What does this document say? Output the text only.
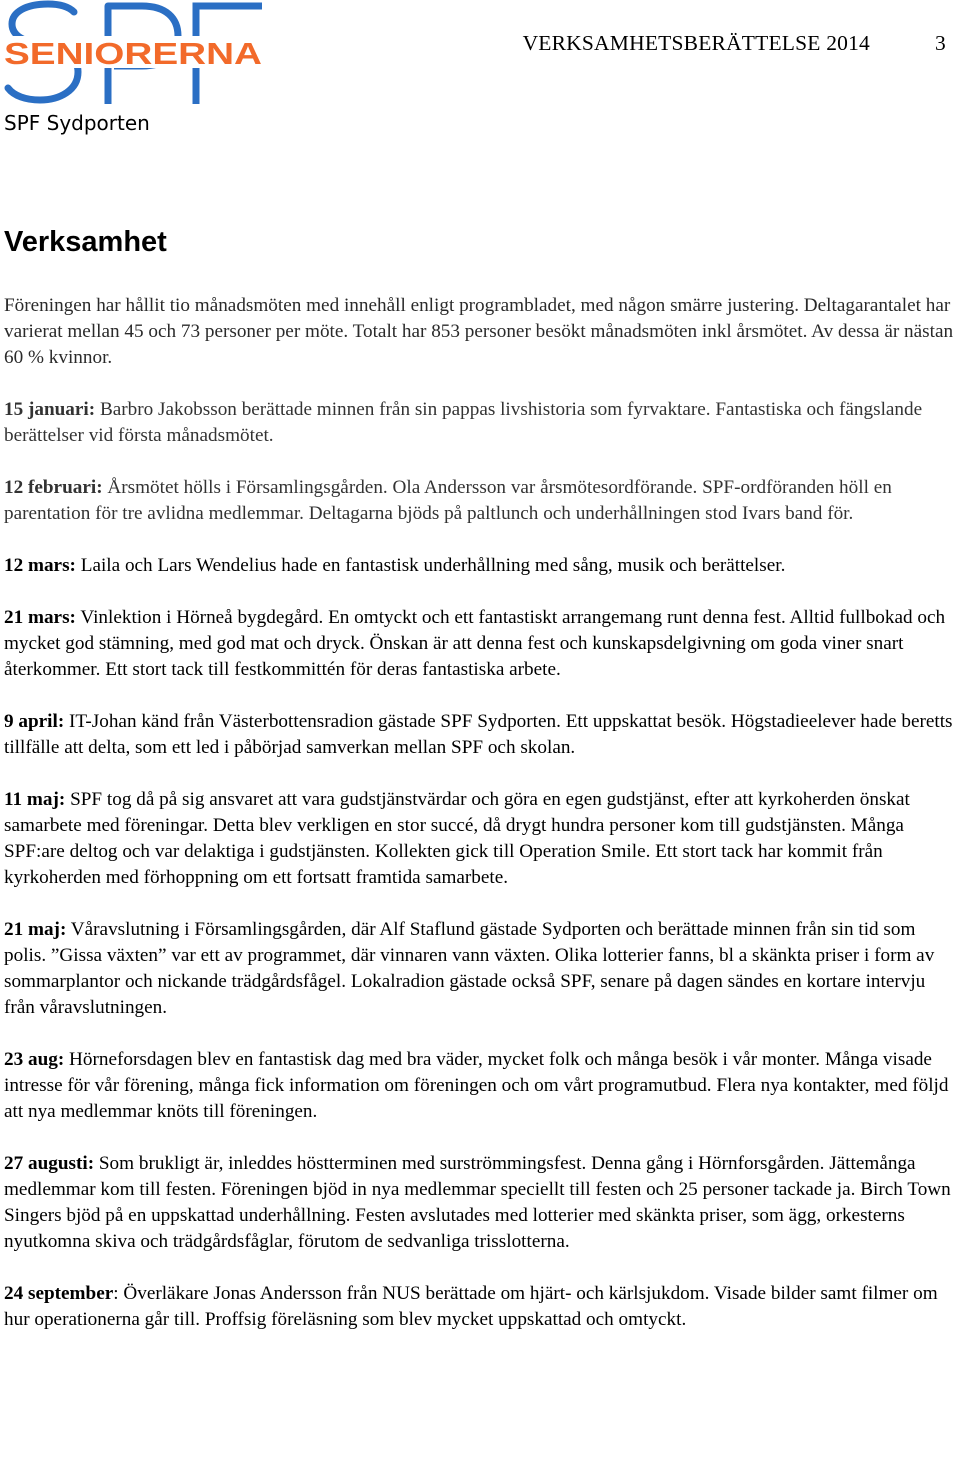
SENIORERNA
SPF Sydporten
VERKSAMHETSBERÄTTELSE 2014	3
Verksamhet

Föreningen har hållit tio månadsmöten med innehåll enligt programbladet, med någon smärre justering. Deltagarantalet har varierat mellan 45 och 73 personer per möte. Totalt har 853 personer besökt månadsmöten inkl årsmötet. Av dessa är nästan 60 % kvinnor.

15 januari: Barbro Jakobsson berättade minnen från sin pappas livshistoria som fyrvaktare. Fantastiska och fängslande berättelser vid första månadsmötet.

12 februari: Årsmötet hölls i Församlingsgården. Ola Andersson var årsmötesordförande. SPF-ordföranden höll en parentation för tre avlidna medlemmar. Deltagarna bjöds på paltlunch och underhållningen stod Ivars band för.

12 mars: Laila och Lars Wendelius hade en fantastisk underhållning med sång, musik och berättelser.

21 mars: Vinlektion i Hörneå bygdegård. En omtyckt och ett fantastiskt arrangemang runt denna fest. Alltid fullbokad och mycket god stämning, med god mat och dryck. Önskan är att denna fest och kunskapsdelgivning om goda viner snart återkommer. Ett stort tack till festkommittén för deras fantastiska arbete.

9 april: IT-Johan känd från Västerbottensradion gästade SPF Sydporten. Ett uppskattat besök. Högstadieelever hade beretts tillfälle att delta, som ett led i påbörjad samverkan mellan SPF och skolan.

11 maj: SPF tog då på sig ansvaret att vara gudstjänstvärdar och göra en egen gudstjänst, efter att kyrkoherden önskat samarbete med föreningar. Detta blev verkligen en stor succé, då drygt hundra personer kom till gudstjänsten. Många SPF:are deltog och var delaktiga i gudstjänsten. Kollekten gick till Operation Smile. Ett stort tack har kommit från kyrkoherden med förhoppning om ett fortsatt framtida samarbete.

21 maj: Våravslutning i Församlingsgården, där Alf Staflund gästade Sydporten och berättade minnen från sin tid som polis. ”Gissa växten” var ett av programmet, där vinnaren vann växten. Olika lotterier fanns, bl a skänkta priser i form av sommarplantor och nickande trädgårdsfågel. Lokalradion gästade också SPF, senare på dagen sändes en kortare intervju från våravslutningen.

23 aug: Hörneforsdagen blev en fantastisk dag med bra väder, mycket folk och många besök i vår monter. Många visade intresse för vår förening, många fick information om föreningen och om vårt programutbud. Flera nya kontakter, med följd att nya medlemmar knöts till föreningen.

27 augusti: Som brukligt är, inleddes höstterminen med surströmmingsfest. Denna gång i Hörnforsgården. Jättemånga medlemmar kom till festen. Föreningen bjöd in nya medlemmar speciellt till festen och 25 personer tackade ja. Birch Town Singers bjöd på en uppskattad underhållning. Festen avslutades med lotterier med skänkta priser, som ägg, orkesterns nyutkomna skiva och trädgårdsfåglar, förutom de sedvanliga trisslotterna.

24 september: Överläkare Jonas Andersson från NUS berättade om hjärt- och kärlsjukdom. Visade bilder samt filmer om hur operationerna går till. Proffsig föreläsning som blev mycket uppskattad och omtyckt.
